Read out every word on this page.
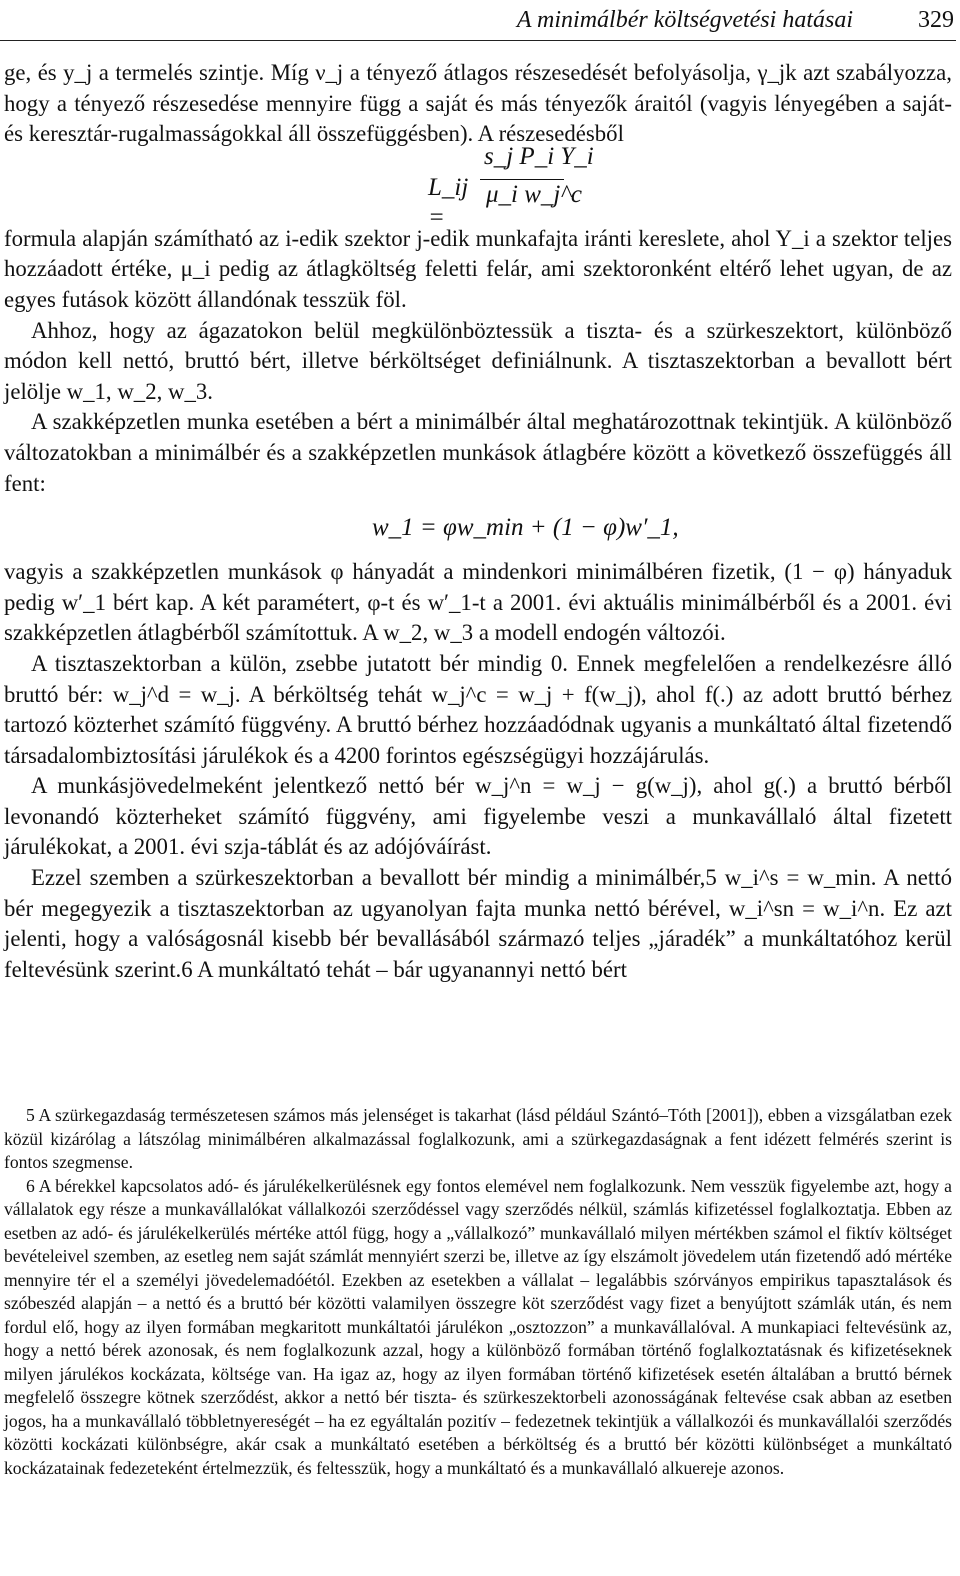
A minimálbér költségvetési hatásai	329

ge, és y_j a termelés szintje. Míg ν_j a tényező átlagos részesedését befolyásolja, γ_jk azt szabályozza, hogy a tényező részesedése mennyire függ a saját és más tényezők áraitól (vagyis lényegében a saját- és keresztár-rugalmasságokkal áll összefüggésben). A részesedésből

L_ij =
s_j P_i Y_i
μ_i w_j^c

formula alapján számítható az i-edik szektor j-edik munkafajta iránti kereslete, ahol Y_i a szektor teljes hozzáadott értéke, μ_i pedig az átlagköltség feletti felár, ami szektoronként eltérő lehet ugyan, de az egyes futások között állandónak tesszük föl.

Ahhoz, hogy az ágazatokon belül megkülönböztessük a tiszta- és a szürkeszektort, különböző módon kell nettó, bruttó bért, illetve bérköltséget definiálnunk. A tisztaszektorban a bevallott bért jelölje w_1, w_2, w_3.

A szakképzetlen munka esetében a bért a minimálbér által meghatározottnak tekintjük. A különböző változatokban a minimálbér és a szakképzetlen munkások átlagbére között a következő összefüggés áll fent:

w_1 = φw_min + (1 − φ)w′_1,

vagyis a szakképzetlen munkások φ hányadát a mindenkori minimálbéren fizetik, (1 − φ) hányaduk pedig w′_1 bért kap. A két paramétert, φ-t és w′_1-t a 2001. évi aktuális minimálbérből és a 2001. évi szakképzetlen átlagbérből számítottuk. A w_2, w_3 a modell endogén változói.

A tisztaszektorban a külön, zsebbe jutatott bér mindig 0. Ennek megfelelően a rendelkezésre álló bruttó bér: w_j^d = w_j. A bérköltség tehát w_j^c = w_j + f(w_j), ahol f(.) az adott bruttó bérhez tartozó közterhet számító függvény. A bruttó bérhez hozzáadódnak ugyanis a munkáltató által fizetendő társadalombiztosítási járulékok és a 4200 forintos egészségügyi hozzájárulás.

A munkásjövedelmeként jelentkező nettó bér w_j^n = w_j − g(w_j), ahol g(.) a bruttó bérből levonandó közterheket számító függvény, ami figyelembe veszi a munkavállaló által fizetett járulékokat, a 2001. évi szja-táblát és az adójóváírást.

Ezzel szemben a szürkeszektorban a bevallott bér mindig a minimálbér,5 w_i^s = w_min. A nettó bér megegyezik a tisztaszektorban az ugyanolyan fajta munka nettó bérével, w_i^sn = w_i^n. Ez azt jelenti, hogy a valóságosnál kisebb bér bevallásából származó teljes „járadék” a munkáltatóhoz kerül feltevésünk szerint.6 A munkáltató tehát – bár ugyanannyi nettó bért

5 A szürkegazdaság természetesen számos más jelenséget is takarhat (lásd például Szántó–Tóth [2001]), ebben a vizsgálatban ezek közül kizárólag a látszólag minimálbéren alkalmazással foglalkozunk, ami a szürkegazdaságnak a fent idézett felmérés szerint is fontos szegmense.

6 A bérekkel kapcsolatos adó- és járulékelkerülésnek egy fontos elemével nem foglalkozunk. Nem vesszük figyelembe azt, hogy a vállalatok egy része a munkavállalókat vállalkozói szerződéssel vagy szerződés nélkül, számlás kifizetéssel foglalkoztatja. Ebben az esetben az adó- és járulékelkerülés mértéke attól függ, hogy a „vállalkozó” munkavállaló milyen mértékben számol el fiktív költséget bevételeivel szemben, az esetleg nem saját számlát mennyiért szerzi be, illetve az így elszámolt jövedelem után fizetendő adó mértéke mennyire tér el a személyi jövedelemadóétól. Ezekben az esetekben a vállalat – legalábbis szórványos empirikus tapasztalások és szóbeszéd alapján – a nettó és a bruttó bér közötti valamilyen összegre köt szerződést vagy fizet a benyújtott számlák után, és nem fordul elő, hogy az ilyen formában megkaritott munkáltatói járulékon „osztozzon” a munkavállalóval. A munkapiaci feltevésünk az, hogy a nettó bérek azonosak, és nem foglalkozunk azzal, hogy a különböző formában történő foglalkoztatásnak és kifizetéseknek milyen járulékos kockázata, költsége van. Ha igaz az, hogy az ilyen formában történő kifizetések esetén általában a bruttó bérnek megfelelő összegre kötnek szerződést, akkor a nettó bér tiszta- és szürkeszektorbeli azonosságának feltevése csak abban az esetben jogos, ha a munkavállaló többletnyereségét – ha ez egyáltalán pozitív – fedezetnek tekintjük a vállalkozói és munkavállalói szerződés közötti kockázati különbségre, akár csak a munkáltató esetében a bérköltség és a bruttó bér közötti különbséget a munkáltató kockázatainak fedezeteként értelmezzük, és feltesszük, hogy a munkáltató és a munkavállaló alkuereje azonos.
